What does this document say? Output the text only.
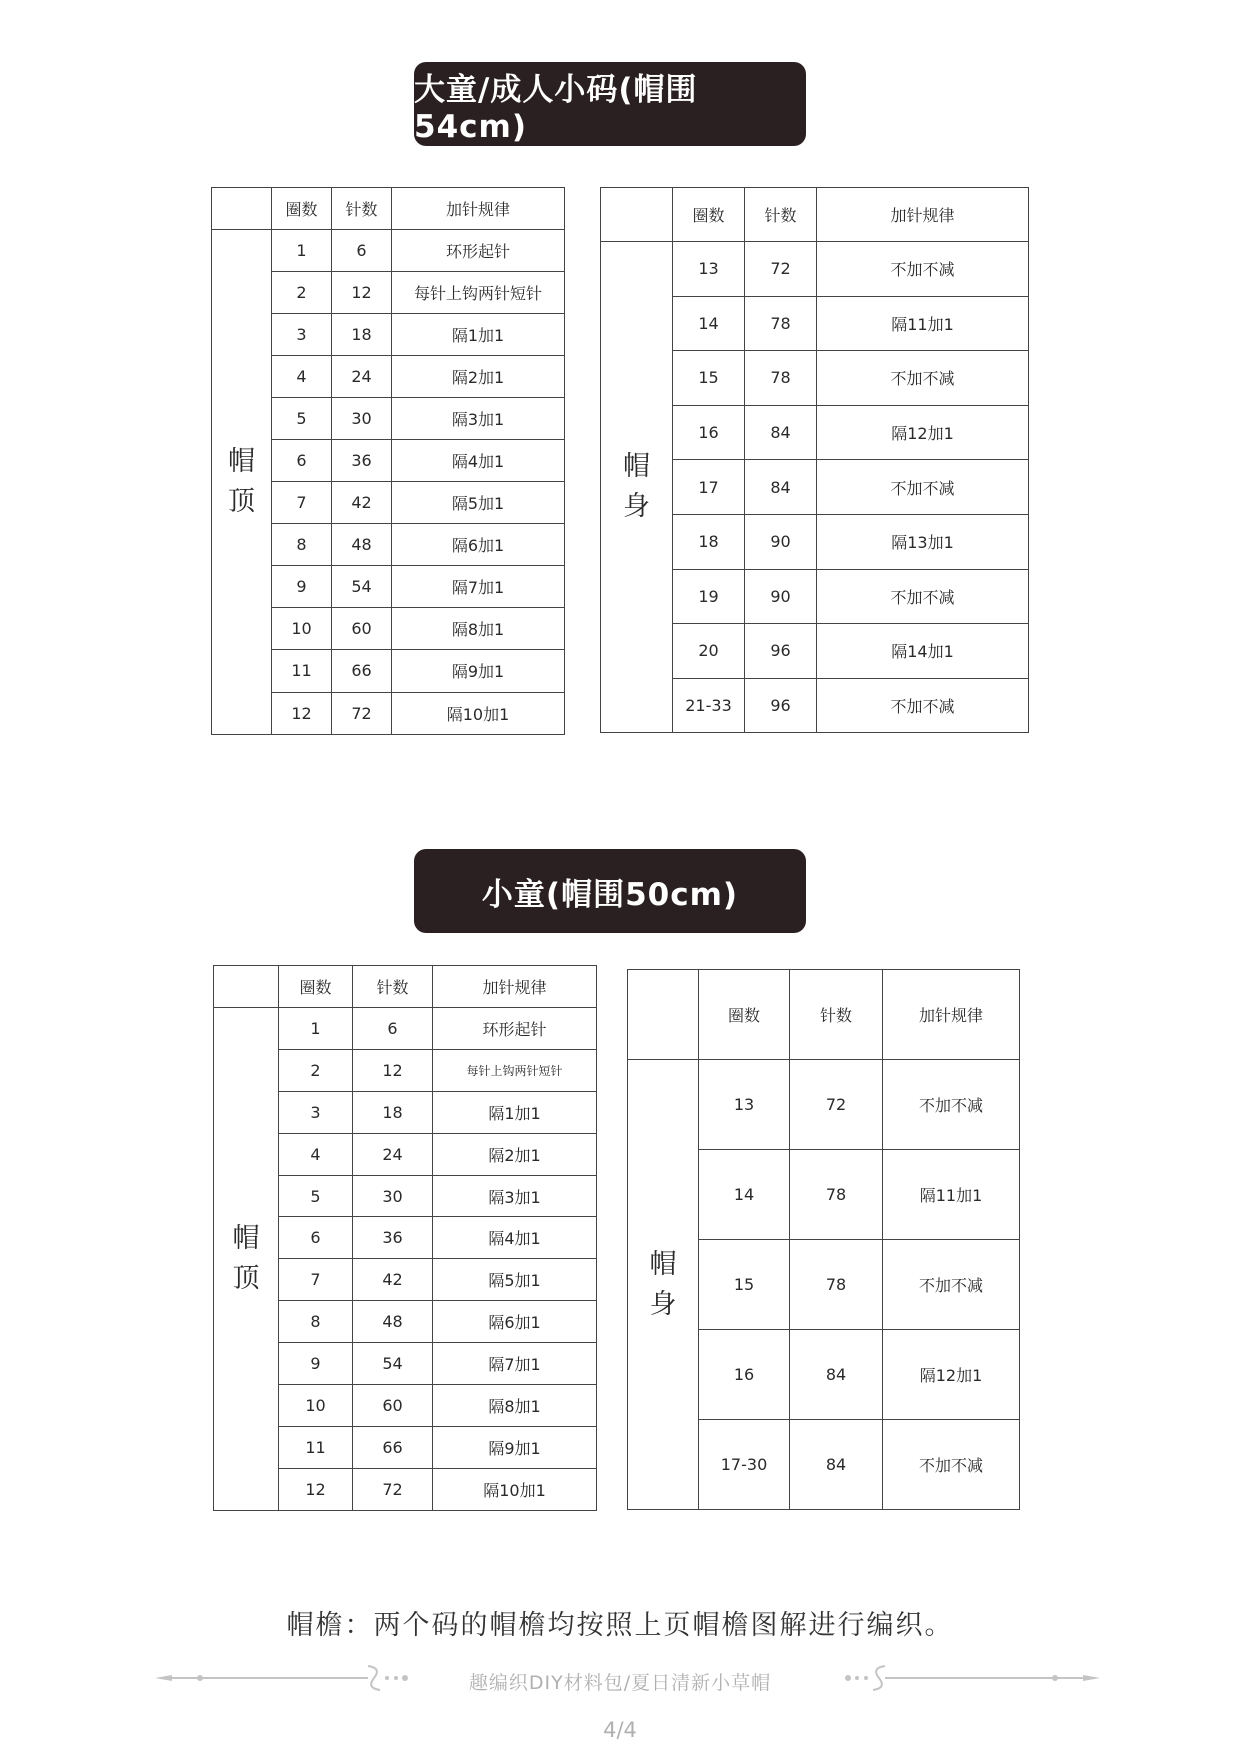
大童/成人小码(帽围54cm)
	圈数	针数	加针规律

帽
顶	1	6	环形起针
	2	12	每针上钩两针短针
	3	18	隔1加1
	4	24	隔2加1
	5	30	隔3加1
	6	36	隔4加1
	7	42	隔5加1
	8	48	隔6加1
	9	54	隔7加1
	10	60	隔8加1
	11	66	隔9加1
	12	72	隔10加1
	圈数	针数	加针规律

帽
身	13	72	不加不减
	14	78	隔11加1
	15	78	不加不减
	16	84	隔12加1
	17	84	不加不减
	18	90	隔13加1
	19	90	不加不减
	20	96	隔14加1
	21-33	96	不加不减
小童(帽围50cm)
	圈数	针数	加针规律

帽
顶	1	6	环形起针
	2	12	每针上钩两针短针
	3	18	隔1加1
	4	24	隔2加1
	5	30	隔3加1
	6	36	隔4加1
	7	42	隔5加1
	8	48	隔6加1
	9	54	隔7加1
	10	60	隔8加1
	11	66	隔9加1
	12	72	隔10加1
	圈数	针数	加针规律

帽
身	13	72	不加不减
	14	78	隔11加1
	15	78	不加不减
	16	84	隔12加1
	17-30	84	不加不减
帽檐：两个码的帽檐均按照上页帽檐图解进行编织。
趣编织DIY材料包/夏日清新小草帽
4/4
